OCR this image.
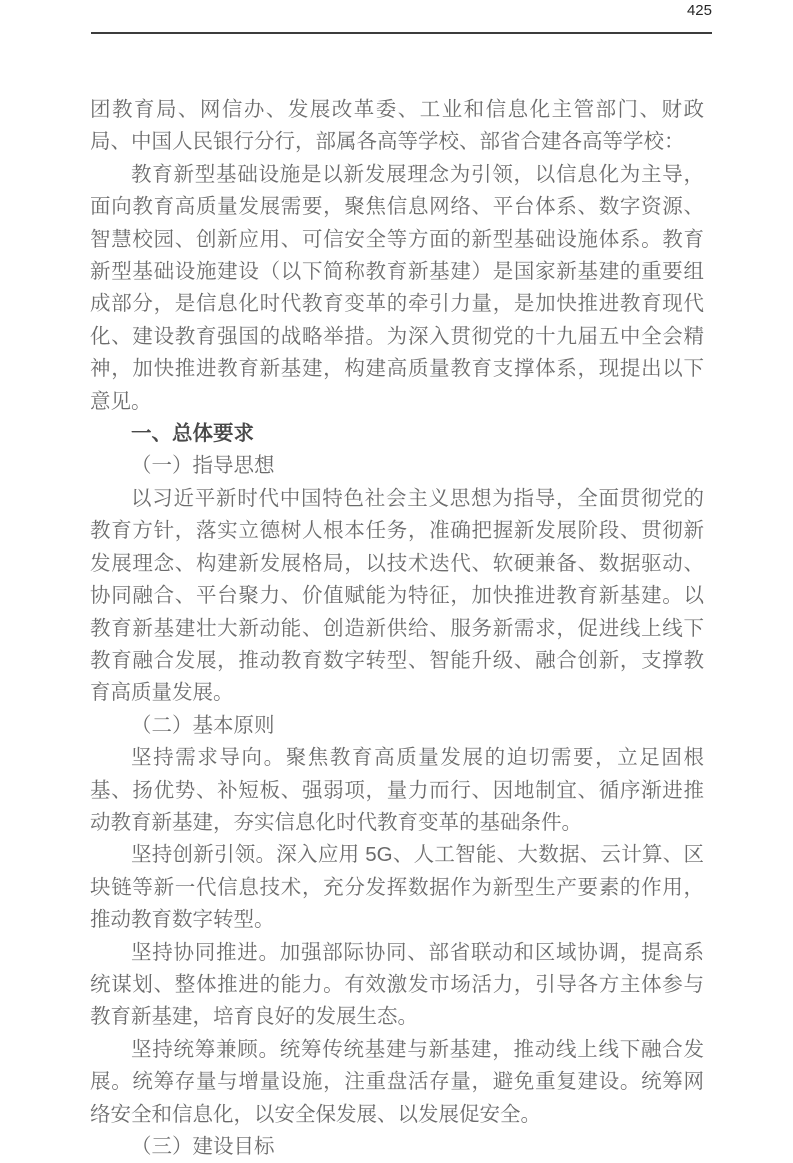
425

团教育局、网信办、发展改革委、工业和信息化主管部门、财政局、中国人民银行分行，部属各高等学校、部省合建各高等学校：

教育新型基础设施是以新发展理念为引领，以信息化为主导，面向教育高质量发展需要，聚焦信息网络、平台体系、数字资源、智慧校园、创新应用、可信安全等方面的新型基础设施体系。教育新型基础设施建设（以下简称教育新基建）是国家新基建的重要组成部分，是信息化时代教育变革的牵引力量，是加快推进教育现代化、建设教育强国的战略举措。为深入贯彻党的十九届五中全会精神，加快推进教育新基建，构建高质量教育支撑体系，现提出以下意见。

一、总体要求

（一）指导思想

以习近平新时代中国特色社会主义思想为指导，全面贯彻党的教育方针，落实立德树人根本任务，准确把握新发展阶段、贯彻新发展理念、构建新发展格局，以技术迭代、软硬兼备、数据驱动、协同融合、平台聚力、价值赋能为特征，加快推进教育新基建。以教育新基建壮大新动能、创造新供给、服务新需求，促进线上线下教育融合发展，推动教育数字转型、智能升级、融合创新，支撑教育高质量发展。

（二）基本原则

坚持需求导向。聚焦教育高质量发展的迫切需要，立足固根基、扬优势、补短板、强弱项，量力而行、因地制宜、循序渐进推动教育新基建，夯实信息化时代教育变革的基础条件。

坚持创新引领。深入应用 5G、人工智能、大数据、云计算、区块链等新一代信息技术，充分发挥数据作为新型生产要素的作用，推动教育数字转型。

坚持协同推进。加强部际协同、部省联动和区域协调，提高系统谋划、整体推进的能力。有效激发市场活力，引导各方主体参与教育新基建，培育良好的发展生态。

坚持统筹兼顾。统筹传统基建与新基建，推动线上线下融合发展。统筹存量与增量设施，注重盘活存量，避免重复建设。统筹网络安全和信息化，以安全保发展、以发展促安全。

（三）建设目标
